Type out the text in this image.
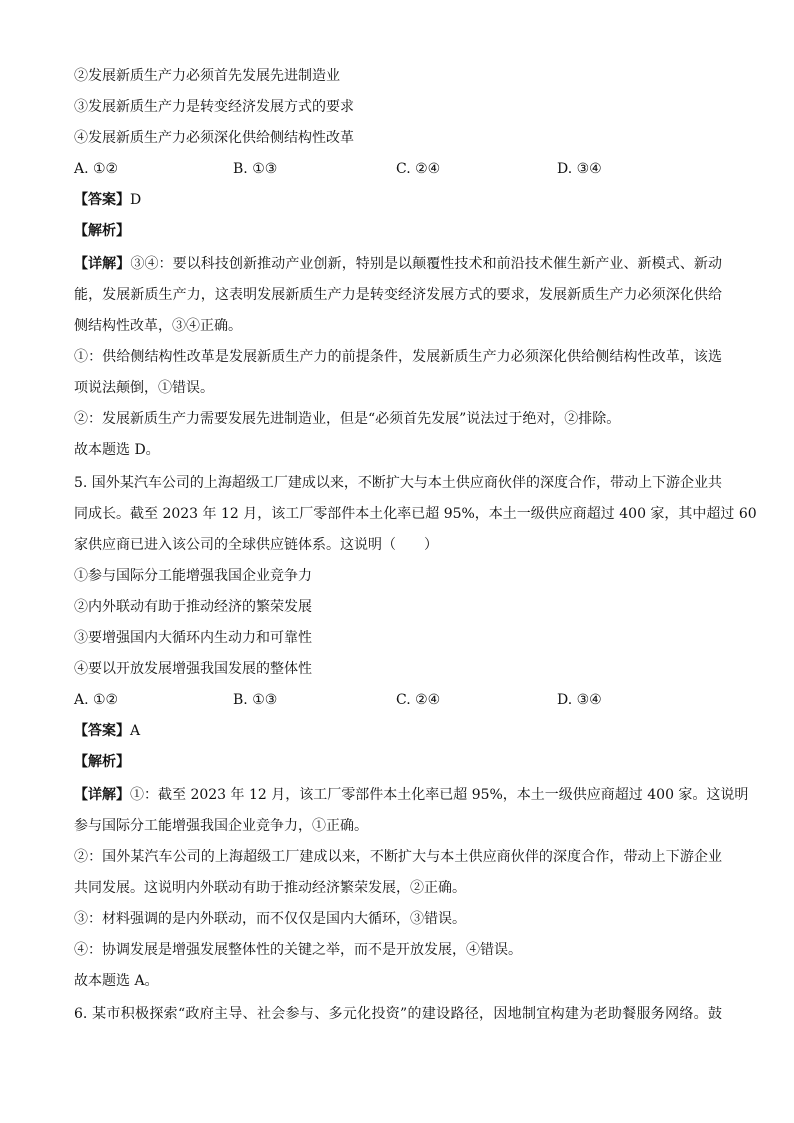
②发展新质生产力必须首先发展先进制造业
③发展新质生产力是转变经济发展方式的要求
④发展新质生产力必须深化供给侧结构性改革
A. ①②	B. ①③	C. ②④	D. ③④
【答案】D
【解析】
【详解】③④：要以科技创新推动产业创新，特别是以颠覆性技术和前沿技术催生新产业、新模式、新动
能，发展新质生产力，这表明发展新质生产力是转变经济发展方式的要求，发展新质生产力必须深化供给
侧结构性改革，③④正确。
①：供给侧结构性改革是发展新质生产力的前提条件，发展新质生产力必须深化供给侧结构性改革，该选
项说法颠倒，①错误。
②：发展新质生产力需要发展先进制造业，但是“必须首先发展”说法过于绝对，②排除。
故本题选 D。
5. 国外某汽车公司的上海超级工厂建成以来，不断扩大与本土供应商伙伴的深度合作，带动上下游企业共
同成长。截至 2023 年 12 月，该工厂零部件本土化率已超 95%，本土一级供应商超过 400 家，其中超过 60
家供应商已进入该公司的全球供应链体系。这说明（　　）
①参与国际分工能增强我国企业竞争力
②内外联动有助于推动经济的繁荣发展
③要增强国内大循环内生动力和可靠性
④要以开放发展增强我国发展的整体性
A. ①②	B. ①③	C. ②④	D. ③④
【答案】A
【解析】
【详解】①：截至 2023 年 12 月，该工厂零部件本土化率已超 95%，本土一级供应商超过 400 家。这说明
参与国际分工能增强我国企业竞争力，①正确。
②：国外某汽车公司的上海超级工厂建成以来，不断扩大与本土供应商伙伴的深度合作，带动上下游企业
共同发展。这说明内外联动有助于推动经济繁荣发展，②正确。
③：材料强调的是内外联动，而不仅仅是国内大循环，③错误。
④：协调发展是增强发展整体性的关键之举，而不是开放发展，④错误。
故本题选 A。
6. 某市积极探索“政府主导、社会参与、多元化投资”的建设路径，因地制宜构建为老助餐服务网络。鼓
